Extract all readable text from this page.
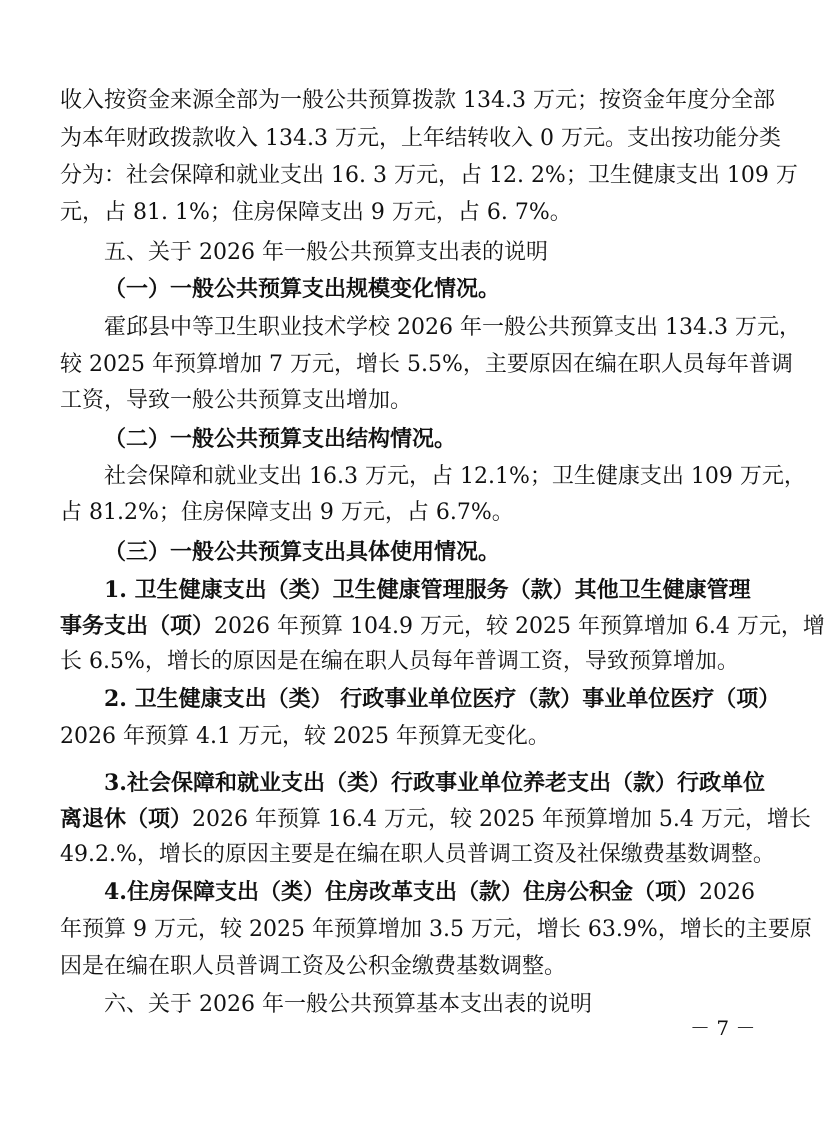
收入按资金来源全部为一般公共预算拨款 134.3 万元；按资金年度分全部
为本年财政拨款收入 134.3 万元，上年结转收入 0 万元。支出按功能分类
分为：社会保障和就业支出 16. 3 万元，占 12. 2%；卫生健康支出 109 万
元，占 81. 1%；住房保障支出 9 万元，占 6. 7%。
五、关于 2026 年一般公共预算支出表的说明
（一）一般公共预算支出规模变化情况。
霍邱县中等卫生职业技术学校 2026 年一般公共预算支出 134.3 万元，
较 2025 年预算增加 7 万元，增长 5.5%，主要原因在编在职人员每年普调
工资，导致一般公共预算支出增加。
（二）一般公共预算支出结构情况。
社会保障和就业支出 16.3 万元，占 12.1%；卫生健康支出 109 万元，
占 81.2%；住房保障支出 9 万元，占 6.7%。
（三）一般公共预算支出具体使用情况。
1. 卫生健康支出（类）卫生健康管理服务（款）其他卫生健康管理
事务支出（项）2026 年预算 104.9 万元，较 2025 年预算增加 6.4 万元，增
长 6.5%，增长的原因是在编在职人员每年普调工资，导致预算增加。
2. 卫生健康支出（类） 行政事业单位医疗（款）事业单位医疗（项）
2026 年预算 4.1 万元，较 2025 年预算无变化。
3.社会保障和就业支出（类）行政事业单位养老支出（款）行政单位
离退休（项）2026 年预算 16.4 万元，较 2025 年预算增加 5.4 万元，增长
49.2.%，增长的原因主要是在编在职人员普调工资及社保缴费基数调整。
4.住房保障支出（类）住房改革支出（款）住房公积金（项）2026
年预算 9 万元，较 2025 年预算增加 3.5 万元，增长 63.9%，增长的主要原
因是在编在职人员普调工资及公积金缴费基数调整。
六、关于 2026 年一般公共预算基本支出表的说明
－ 7 －
